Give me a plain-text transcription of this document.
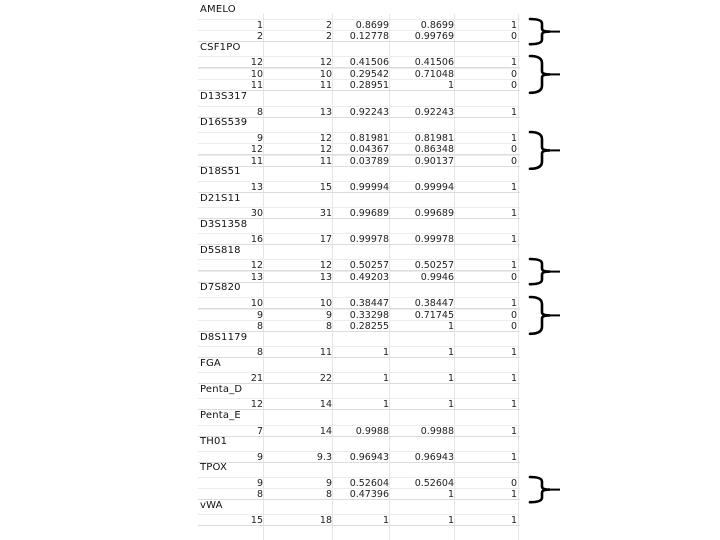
AMELO
1	2	0.8699	0.8699	1
2	2	0.12778	0.99769	0
CSF1PO
12	12	0.41506	0.41506	1
10	10	0.29542	0.71048	0
11	11	0.28951	1	0
D13S317
8	13	0.92243	0.92243	1
D16S539
9	12	0.81981	0.81981	1
12	12	0.04367	0.86348	0
11	11	0.03789	0.90137	0
D18S51
13	15	0.99994	0.99994	1
D21S11
30	31	0.99689	0.99689	1
D3S1358
16	17	0.99978	0.99978	1
D5S818
12	12	0.50257	0.50257	1
13	13	0.49203	0.9946	0
D7S820
10	10	0.38447	0.38447	1
9	9	0.33298	0.71745	0
8	8	0.28255	1	0
D8S1179
8	11	1	1	1
FGA
21	22	1	1	1
Penta_D
12	14	1	1	1
Penta_E
7	14	0.9988	0.9988	1
TH01
9	9.3	0.96943	0.96943	1
TPOX
9	9	0.52604	0.52604	0
8	8	0.47396	1	1
vWA
15	18	1	1	1
